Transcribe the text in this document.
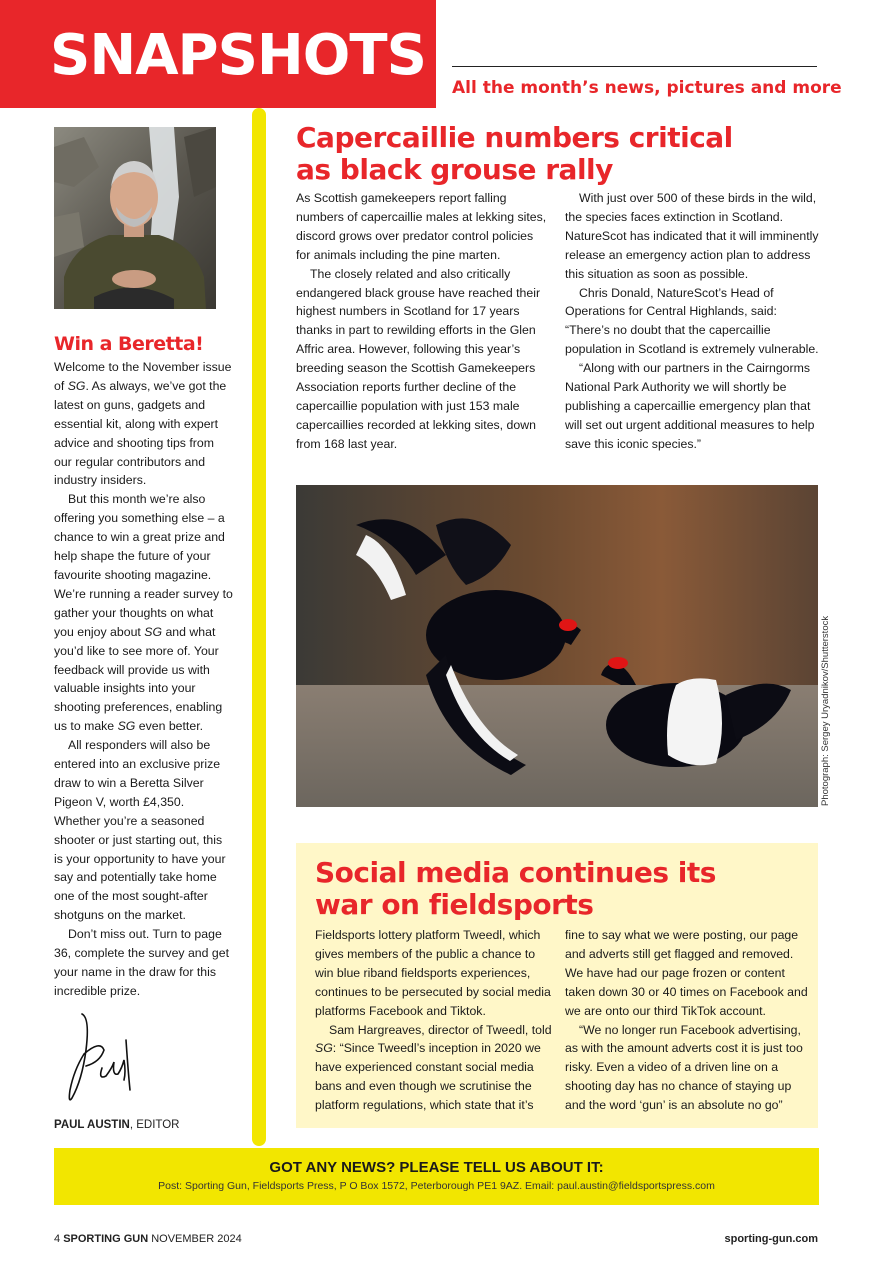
SNAPSHOTS All the month’s news, pictures and more
Win a Beretta!

Welcome to the November issue of SG. As always, we’ve got the latest on guns, gadgets and essential kit, along with expert advice and shooting tips from our regular contributors and industry insiders.

But this month we’re also offering you something else – a chance to win a great prize and help shape the future of your favourite shooting magazine. We’re running a reader survey to gather your thoughts on what you enjoy about SG and what you’d like to see more of. Your feedback will provide us with valuable insights into your shooting preferences, enabling us to make SG even better.

All responders will also be entered into an exclusive prize draw to win a Beretta Silver Pigeon V, worth £4,350. Whether you’re a seasoned shooter or just starting out, this is your opportunity to have your say and potentially take home one of the most sought-after shotguns on the market.

Don’t miss out. Turn to page 36, complete the survey and get your name in the draw for this incredible prize.

PAUL AUSTIN, EDITOR
Capercaillie numbers critical
as black grouse rally

As Scottish gamekeepers report falling numbers of capercaillie males at lekking sites, discord grows over predator control policies for animals including the pine marten.

The closely related and also critically endangered black grouse have reached their highest numbers in Scotland for 17 years thanks in part to rewilding efforts in the Glen Affric area. However, following this year’s breeding season the Scottish Gamekeepers Association reports further decline of the capercaillie population with just 153 male capercaillies recorded at lekking sites, down from 168 last year.

With just over 500 of these birds in the wild, the species faces extinction in Scotland. NatureScot has indicated that it will imminently release an emergency action plan to address this situation as soon as possible.

Chris Donald, NatureScot’s Head of Operations for Central Highlands, said: “There’s no doubt that the capercaillie population in Scotland is extremely vulnerable.

“Along with our partners in the Cairngorms National Park Authority we will shortly be publishing a capercaillie emergency plan that will set out urgent additional measures to help save this iconic species.”

Photograph: Sergey Uryadnikov/Shutterstock
Social media continues its
war on fieldsports

Fieldsports lottery platform Tweedl, which gives members of the public a chance to win blue riband fieldsports experiences, continues to be persecuted by social media platforms Facebook and Tiktok.

Sam Hargreaves, director of Tweedl, told SG: “Since Tweedl’s inception in 2020 we have experienced constant social media bans and even though we scrutinise the platform regulations, which state that it’s

fine to say what we were posting, our page and adverts still get flagged and removed. We have had our page frozen or content taken down 30 or 40 times on Facebook and we are onto our third TikTok account.

“We no longer run Facebook advertising, as with the amount adverts cost it is just too risky. Even a video of a driven line on a shooting day has no chance of staying up and the word ‘gun’ is an absolute no go”

GOT ANY NEWS? PLEASE TELL US ABOUT IT:
Post: Sporting Gun, Fieldsports Press, P O Box 1572, Peterborough PE1 9AZ. Email: paul.austin@fieldsportspress.com
4 SPORTING GUN NOVEMBER 2024	sporting-gun.com
